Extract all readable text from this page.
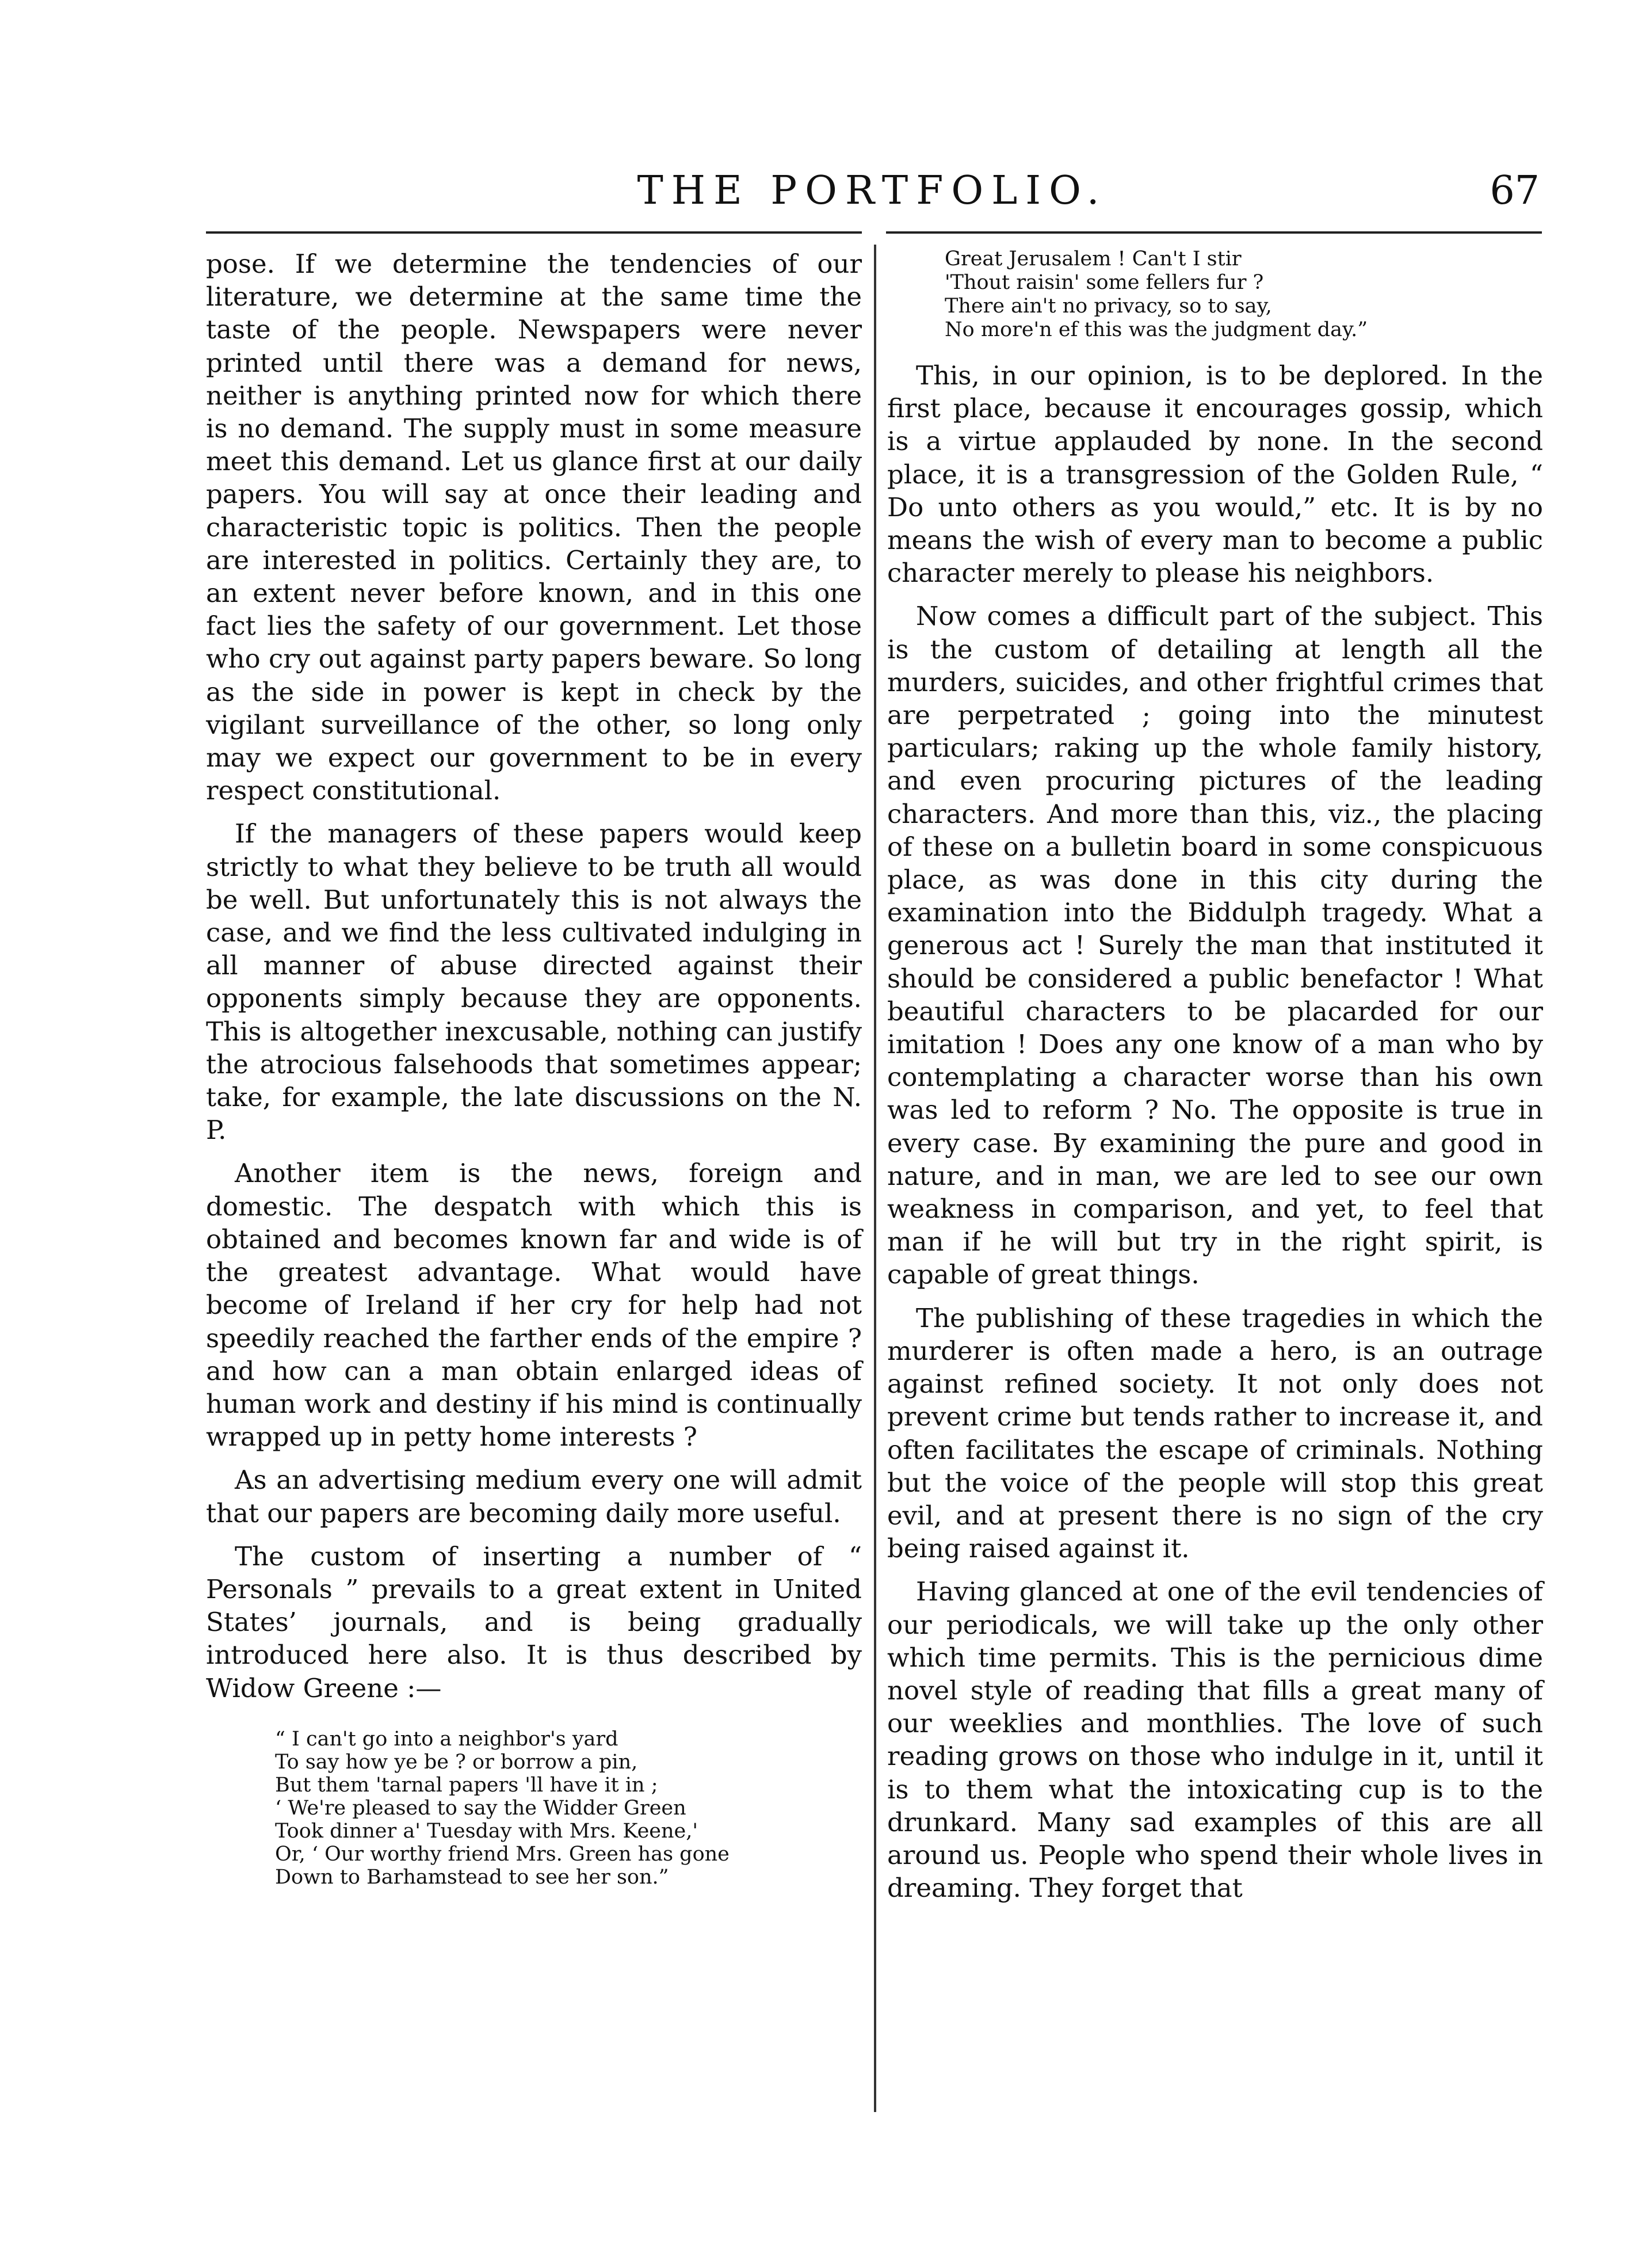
THE PORTFOLIO.	67

pose. If we determine the tendencies of our literature, we determine at the same time the taste of the people. Newspapers were never printed until there was a demand for news, neither is anything printed now for which there is no demand. The supply must in some measure meet this demand. Let us glance first at our daily papers. You will say at once their leading and characteristic topic is politics. Then the people are interested in politics. Certainly they are, to an extent never before known, and in this one fact lies the safety of our government. Let those who cry out against party papers beware. So long as the side in power is kept in check by the vigilant surveillance of the other, so long only may we expect our government to be in every respect constitutional.

If the managers of these papers would keep strictly to what they believe to be truth all would be well. But unfortunately this is not always the case, and we find the less cultivated indulging in all manner of abuse directed against their opponents simply because they are opponents. This is altogether inexcusable, nothing can justify the atrocious falsehoods that sometimes appear; take, for example, the late discussions on the N. P.

Another item is the news, foreign and domestic. The despatch with which this is obtained and becomes known far and wide is of the greatest advantage. What would have become of Ireland if her cry for help had not speedily reached the farther ends of the empire ? and how can a man obtain enlarged ideas of human work and destiny if his mind is continually wrapped up in petty home interests ?

As an advertising medium every one will admit that our papers are becoming daily more useful.

The custom of inserting a number of “ Personals ” prevails to a great extent in United States’ journals, and is being gradually introduced here also. It is thus described by Widow Greene :—

“ I can't go into a neighbor's yard
To say how ye be ? or borrow a pin,
But them 'tarnal papers 'll have it in ;
‘ We're pleased to say the Widder Green
Took dinner a' Tuesday with Mrs. Keene,'
Or, ‘ Our worthy friend Mrs. Green has gone
Down to Barhamstead to see her son.”
Great Jerusalem ! Can't I stir
'Thout raisin' some fellers fur ?
There ain't no privacy, so to say,
No more'n ef this was the judgment day.”

This, in our opinion, is to be deplored. In the first place, because it encourages gossip, which is a virtue applauded by none. In the second place, it is a transgression of the Golden Rule, “ Do unto others as you would,” etc. It is by no means the wish of every man to become a public character merely to please his neighbors.

Now comes a difficult part of the subject. This is the custom of detailing at length all the murders, suicides, and other frightful crimes that are perpetrated ; going into the minutest particulars; raking up the whole family history, and even procuring pictures of the leading characters. And more than this, viz., the placing of these on a bulletin board in some conspicuous place, as was done in this city during the examination into the Biddulph tragedy. What a generous act ! Surely the man that instituted it should be considered a public benefactor ! What beautiful characters to be placarded for our imitation ! Does any one know of a man who by contemplating a character worse than his own was led to reform ? No. The opposite is true in every case. By examining the pure and good in nature, and in man, we are led to see our own weakness in comparison, and yet, to feel that man if he will but try in the right spirit, is capable of great things.

The publishing of these tragedies in which the murderer is often made a hero, is an outrage against refined society. It not only does not prevent crime but tends rather to increase it, and often facilitates the escape of criminals. Nothing but the voice of the people will stop this great evil, and at present there is no sign of the cry being raised against it.

Having glanced at one of the evil tendencies of our periodicals, we will take up the only other which time permits. This is the pernicious dime novel style of reading that fills a great many of our weeklies and monthlies. The love of such reading grows on those who indulge in it, until it is to them what the intoxicating cup is to the drunkard. Many sad examples of this are all around us. People who spend their whole lives in dreaming. They forget that
